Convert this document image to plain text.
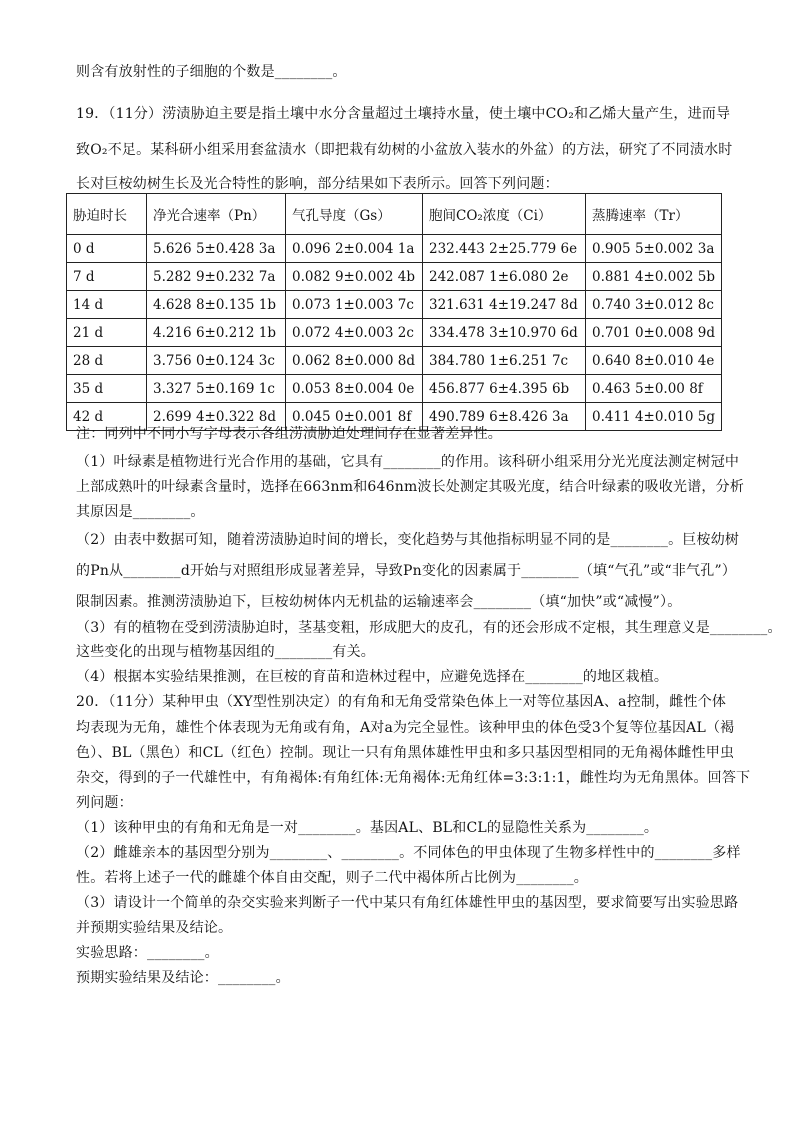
则含有放射性的子细胞的个数是________。
19．（11分）涝渍胁迫主要是指土壤中水分含量超过土壤持水量，使土壤中CO₂和乙烯大量产生，进而导
致O₂不足。某科研小组采用套盆渍水（即把栽有幼树的小盆放入装水的外盆）的方法，研究了不同渍水时
长对巨桉幼树生长及光合特性的影响，部分结果如下表所示。回答下列问题：
胁迫时长	净光合速率（Pn）	气孔导度（Gs）	胞间CO₂浓度（Ci）	蒸腾速率（Tr）
0 d	5.626 5±0.428 3a	0.096 2±0.004 1a	232.443 2±25.779 6e	0.905 5±0.002 3a
7 d	5.282 9±0.232 7a	0.082 9±0.002 4b	242.087 1±6.080 2e	0.881 4±0.002 5b
14 d	4.628 8±0.135 1b	0.073 1±0.003 7c	321.631 4±19.247 8d	0.740 3±0.012 8c
21 d	4.216 6±0.212 1b	0.072 4±0.003 2c	334.478 3±10.970 6d	0.701 0±0.008 9d
28 d	3.756 0±0.124 3c	0.062 8±0.000 8d	384.780 1±6.251 7c	0.640 8±0.010 4e
35 d	3.327 5±0.169 1c	0.053 8±0.004 0e	456.877 6±4.395 6b	0.463 5±0.00 8f
42 d	2.699 4±0.322 8d	0.045 0±0.001 8f	490.789 6±8.426 3a	0.411 4±0.010 5g
注：同列中不同小写字母表示各组涝渍胁迫处理间存在显著差异性。
（1）叶绿素是植物进行光合作用的基础，它具有________的作用。该科研小组采用分光光度法测定树冠中
上部成熟叶的叶绿素含量时，选择在663nm和646nm波长处测定其吸光度，结合叶绿素的吸收光谱，分析
其原因是________。
（2）由表中数据可知，随着涝渍胁迫时间的增长，变化趋势与其他指标明显不同的是________。巨桉幼树
的Pn从________d开始与对照组形成显著差异，导致Pn变化的因素属于________（填“气孔”或“非气孔”）
限制因素。推测涝渍胁迫下，巨桉幼树体内无机盐的运输速率会________（填“加快”或“减慢”）。
（3）有的植物在受到涝渍胁迫时，茎基变粗，形成肥大的皮孔，有的还会形成不定根，其生理意义是________。
这些变化的出现与植物基因组的________有关。
（4）根据本实验结果推测，在巨桉的育苗和造林过程中，应避免选择在________的地区栽植。
20．（11分）某种甲虫（XY型性别决定）的有角和无角受常染色体上一对等位基因A、a控制，雌性个体
均表现为无角，雄性个体表现为无角或有角，A对a为完全显性。该种甲虫的体色受3个复等位基因AL（褐
色）、BL（黑色）和CL（红色）控制。现让一只有角黑体雄性甲虫和多只基因型相同的无角褐体雌性甲虫
杂交，得到的子一代雄性中，有角褐体:有角红体:无角褐体:无角红体=3:3:1:1，雌性均为无角黑体。回答下
列问题：
（1）该种甲虫的有角和无角是一对________。基因AL、BL和CL的显隐性关系为________。
（2）雌雄亲本的基因型分别为________、________。不同体色的甲虫体现了生物多样性中的________多样
性。若将上述子一代的雌雄个体自由交配，则子二代中褐体所占比例为________。
（3）请设计一个简单的杂交实验来判断子一代中某只有角红体雄性甲虫的基因型，要求简要写出实验思路
并预期实验结果及结论。
实验思路：________。
预期实验结果及结论：________。
